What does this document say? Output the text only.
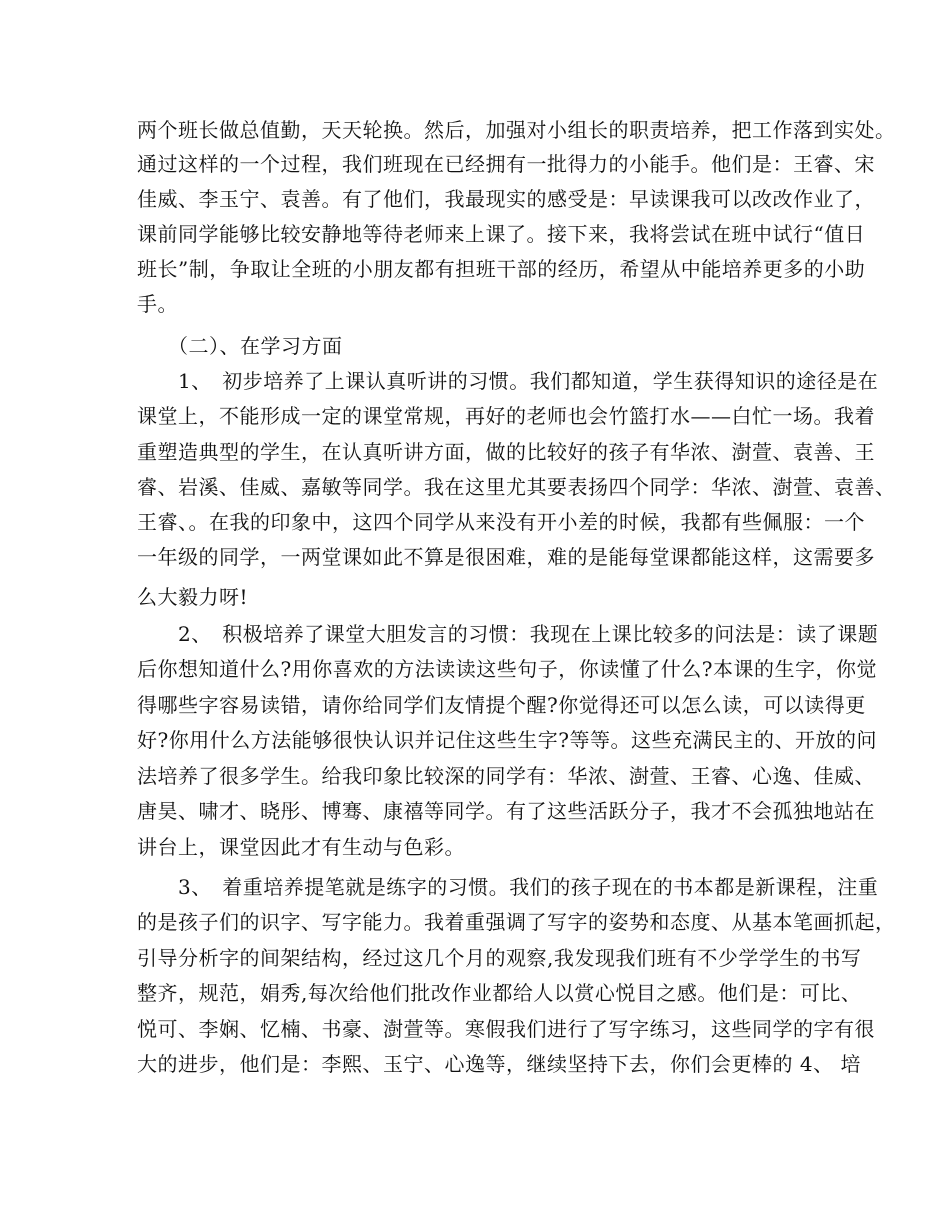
两个班长做总值勤，天天轮换。然后，加强对小组长的职责培养，把工作落到实处。
通过这样的一个过程，我们班现在已经拥有一批得力的小能手。他们是：王睿、宋
佳威、李玉宁、袁善。有了他们，我最现实的感受是：早读课我可以改改作业了，
课前同学能够比较安静地等待老师来上课了。接下来，我将尝试在班中试行“值日
班长”制，争取让全班的小朋友都有担班干部的经历，希望从中能培养更多的小助
手。
　　（二）、在学习方面
　　1、　初步培养了上课认真听讲的习惯。我们都知道，学生获得知识的途径是在
课堂上，不能形成一定的课堂常规，再好的老师也会竹篮打水——白忙一场。我着
重塑造典型的学生，在认真听讲方面，做的比较好的孩子有华浓、澍萱、袁善、王
睿、岩溪、佳威、嘉敏等同学。我在这里尤其要表扬四个同学：华浓、澍萱、袁善、
王睿、。在我的印象中，这四个同学从来没有开小差的时候，我都有些佩服：一个
一年级的同学，一两堂课如此不算是很困难，难的是能每堂课都能这样，这需要多
么大毅力呀!
　　2、　积极培养了课堂大胆发言的习惯：我现在上课比较多的问法是：读了课题
后你想知道什么?用你喜欢的方法读读这些句子，你读懂了什么?本课的生字，你觉
得哪些字容易读错，请你给同学们友情提个醒?你觉得还可以怎么读，可以读得更
好?你用什么方法能够很快认识并记住这些生字?等等。这些充满民主的、开放的问
法培养了很多学生。给我印象比较深的同学有：华浓、澍萱、王睿、心逸、佳威、
唐昊、啸才、晓彤、博骞、康禧等同学。有了这些活跃分子，我才不会孤独地站在
讲台上，课堂因此才有生动与色彩。
　　3、　着重培养提笔就是练字的习惯。我们的孩子现在的书本都是新课程，注重
的是孩子们的识字、写字能力。我着重强调了写字的姿势和态度、从基本笔画抓起，
引导分析字的间架结构，经过这几个月的观察,我发现我们班有不少学学生的书写
整齐，规范，娟秀,每次给他们批改作业都给人以赏心悦目之感。他们是：可比、
悦可、李娴、忆楠、书豪、澍萱等。寒假我们进行了写字练习，这些同学的字有很
大的进步，他们是：李熙、玉宁、心逸等，继续坚持下去，你们会更棒的 4、 培
